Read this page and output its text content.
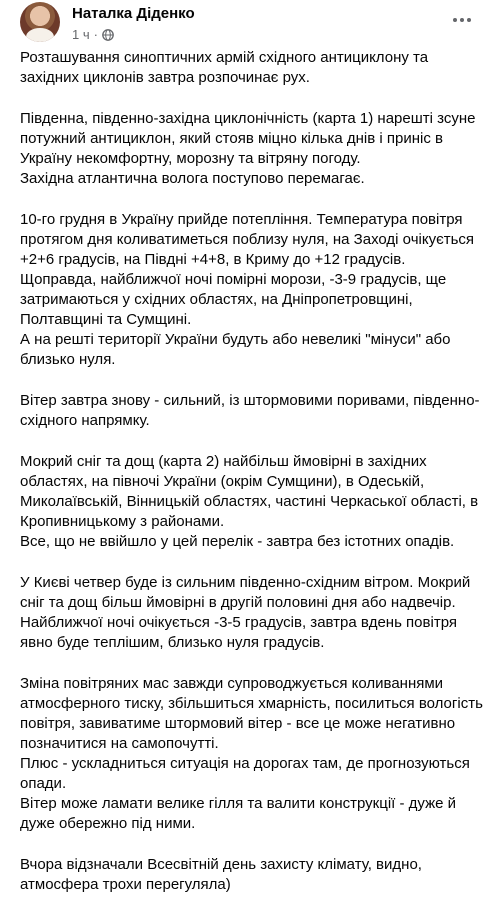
Наталка Діденко
1 ч ·

Розташування синоптичних армій східного антициклону та
західних циклонів завтра розпочинає рух.

Південна, південно-західна циклонічність (карта 1) нарешті зсуне
потужний антициклон, який стояв міцно кілька днів і приніс в
Україну некомфортну, морозну та вітряну погоду.
Західна атлантична волога поступово перемагає.

10-го грудня в Україну прийде потепління. Температура повітря
протягом дня коливатиметься поблизу нуля, на Заході очікується
+2+6 градусів, на Півдні +4+8, в Криму до +12 градусів.
Щоправда, найближчої ночі помірні морози, -3-9 градусів, ще
затримаються у східних областях, на Дніпропетровщині,
Полтавщині та Сумщині.
А на решті території України будуть або невеликі "мінуси" або
близько нуля.

Вітер завтра знову - сильний, із штормовими поривами, південно-
східного напрямку.

Мокрий сніг та дощ (карта 2) найбільш ймовірні в західних
областях, на півночі України (окрім Сумщини), в Одеській,
Миколаївській, Вінницькій областях, частині Черкаської області, в
Кропивницькому з районами.
Все, що не ввійшло у цей перелік - завтра без істотних опадів.

У Києві четвер буде із сильним південно-східним вітром. Мокрий
сніг та дощ більш ймовірні в другій половині дня або надвечір.
Найближчої ночі очікується -3-5 градусів, завтра вдень повітря
явно буде теплішим, близько нуля градусів.

Зміна повітряних мас завжди супроводжується коливаннями
атмосферного тиску, збільшиться хмарність, посилиться вологість
повітря, завиватиме штормовий вітер - все це може негативно
позначитися на самопочутті.
Плюс - ускладниться ситуація на дорогах там, де прогнозуються
опади.
Вітер може ламати велике гілля та валити конструкції - дуже й
дуже обережно під ними.

Вчора відзначали Всесвітній день захисту клімату, видно,
атмосфера трохи перегуляла)
